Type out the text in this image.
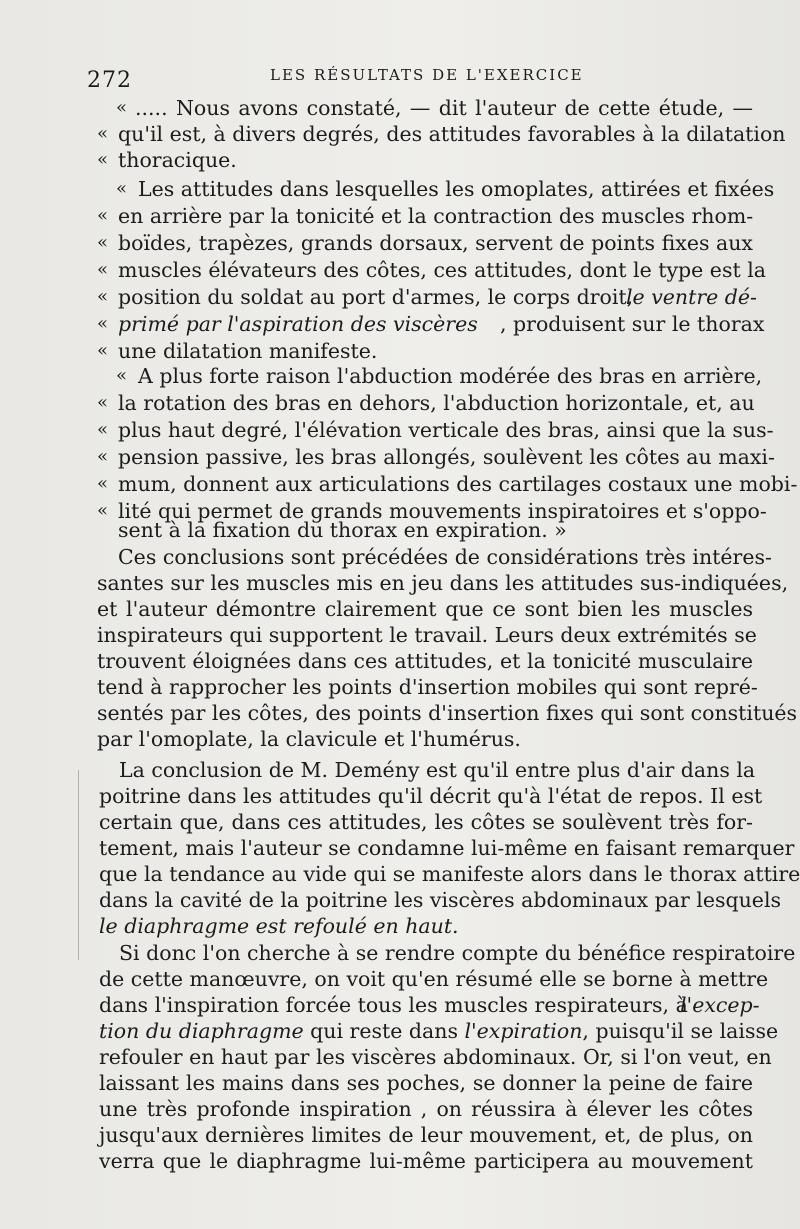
272	LES RÉSULTATS DE L'EXERCICE
«
«
«
«
«
«
«
«
«
«
«
«
«
«
«
«
..... Nous avons constaté, — dit l'auteur de cette étude, —
qu'il est, à divers degrés, des attitudes favorables à la dilatation
thoracique.
Les attitudes dans lesquelles les omoplates, attirées et fixées
en arrière par la tonicité et la contraction des muscles rhom-
boïdes, trapèzes, grands dorsaux, servent de points fixes aux
muscles élévateurs des côtes, ces attitudes, dont le type est la
position du soldat au port d'armes, le corps droit,
le ventre dé-
primé par l'aspiration des viscères , produisent sur le thorax
une dilatation manifeste.
A plus forte raison l'abduction modérée des bras en arrière,
la rotation des bras en dehors, l'abduction horizontale, et, au
plus haut degré, l'élévation verticale des bras, ainsi que la sus-
pension passive, les bras allongés, soulèvent les côtes au maxi-
mum, donnent aux articulations des cartilages costaux une mobi-
lité qui permet de grands mouvements inspiratoires et s'oppo-
sent à la fixation du thorax en expiration. »
Ces conclusions sont précédées de considérations très intéres-
santes sur les muscles mis en jeu dans les attitudes sus-indiquées,
et l'auteur démontre clairement que ce sont bien les muscles
inspirateurs qui supportent le travail. Leurs deux extrémités se
trouvent éloignées dans ces attitudes, et la tonicité musculaire
tend à rapprocher les points d'insertion mobiles qui sont repré-
sentés par les côtes, des points d'insertion fixes qui sont constitués
par l'omoplate, la clavicule et l'humérus.
La conclusion de M. Demény est qu'il entre plus d'air dans la
poitrine dans les attitudes qu'il décrit qu'à l'état de repos. Il est
certain que, dans ces attitudes, les côtes se soulèvent très for-
tement, mais l'auteur se condamne lui-même en faisant remarquer
que la tendance au vide qui se manifeste alors dans le thorax attire
dans la cavité de la poitrine les viscères abdominaux par lesquels
le diaphragme est refoulé en haut.
Si donc l'on cherche à se rendre compte du bénéfice respiratoire
de cette manœuvre, on voit qu'en résumé elle se borne à mettre
dans l'inspiration forcée tous les muscles respirateurs, à
l'excep-
tion du diaphragme qui reste dans l'expiration, puisqu'il se laisse
refouler en haut par les viscères abdominaux. Or, si l'on veut, en
laissant les mains dans ses poches, se donner la peine de faire
une très profonde inspiration , on réussira à élever les côtes
jusqu'aux dernières limites de leur mouvement, et, de plus, on
verra que le diaphragme lui-même participera au mouvement
